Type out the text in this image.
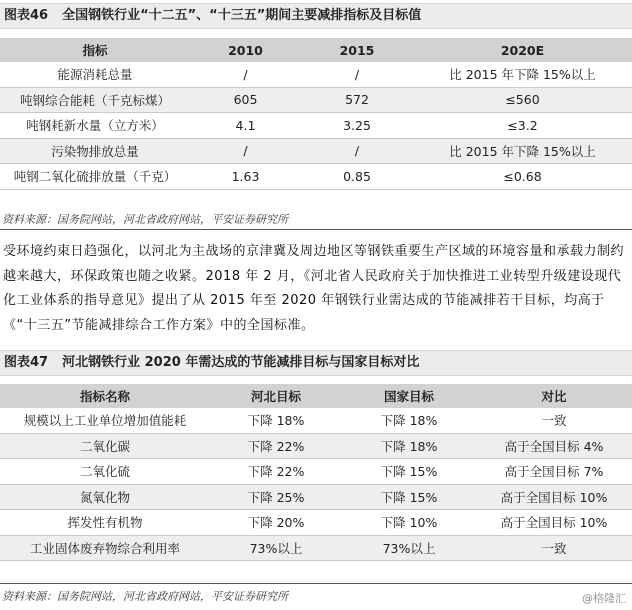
图表46 全国钢铁行业“十二五”、“十三五”期间主要减排指标及目标值
指标	2010	2015	2020E
能源消耗总量	/	/	比 2015 年下降 15%以上
吨钢综合能耗（千克标煤）	605	572	≤560
吨钢耗新水量（立方米）	4.1	3.25	≤3.2
污染物排放总量	/	/	比 2015 年下降 15%以上
吨钢二氧化硫排放量（千克）	1.63	0.85	≤0.68
资料来源：国务院网站，河北省政府网站，平安证券研究所
受环境约束日趋强化，以河北为主战场的京津冀及周边地区等钢铁重要生产区域的环境容量和承载力制约越来越大，环保政策也随之收紧。2018 年 2 月，《河北省人民政府关于加快推进工业转型升级建设现代化工业体系的指导意见》提出了从 2015 年至 2020 年钢铁行业需达成的节能减排若干目标，均高于《“十三五”节能减排综合工作方案》中的全国标准。
图表47 河北钢铁行业 2020 年需达成的节能减排目标与国家目标对比
指标名称	河北目标	国家目标	对比
规模以上工业单位增加值能耗	下降 18%	下降 18%	一致
二氧化碳	下降 22%	下降 18%	高于全国目标 4%
二氧化硫	下降 22%	下降 15%	高于全国目标 7%
氮氧化物	下降 25%	下降 15%	高于全国目标 10%
挥发性有机物	下降 20%	下降 10%	高于全国目标 10%
工业固体废弃物综合利用率	73%以上	73%以上	一致
资料来源：国务院网站，河北省政府网站，平安证券研究所	@格隆汇
